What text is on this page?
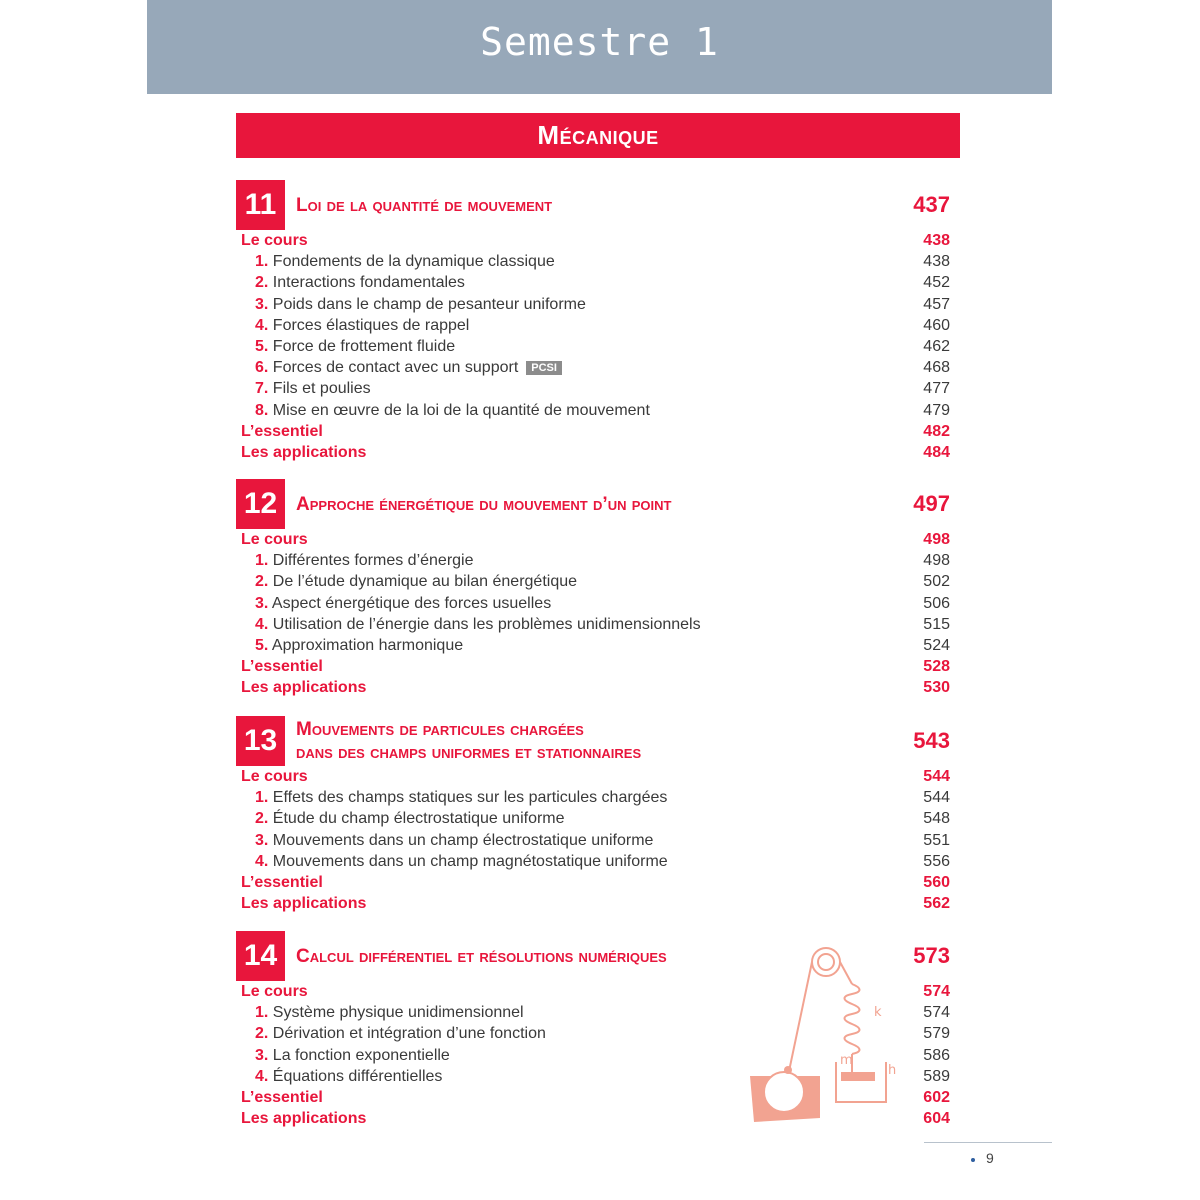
Semestre 1
Mécanique
11	Loi de la quantité de mouvement	437
Le cours	438
1. Fondements de la dynamique classique	438
2. Interactions fondamentales	452
3. Poids dans le champ de pesanteur uniforme	457
4. Forces élastiques de rappel	460
5. Force de frottement fluide	462
6. Forces de contact avec un support PCSI	468
7. Fils et poulies	477
8. Mise en œuvre de la loi de la quantité de mouvement	479
L’essentiel	482
Les applications	484
12 Approche énergétique du mouvement d’un point	497
Le cours	498
1. Différentes formes d’énergie	498
2. De l’étude dynamique au bilan énergétique	502
3. Aspect énergétique des forces usuelles	506
4. Utilisation de l’énergie dans les problèmes unidimensionnels	515
5. Approximation harmonique	524
L’essentiel	528
Les applications	530
13 Mouvements de particules chargées
dans des champs uniformes et stationnaires	543
Le cours	544
1. Effets des champs statiques sur les particules chargées	544
2. Étude du champ électrostatique uniforme	548
3. Mouvements dans un champ électrostatique uniforme	551
4. Mouvements dans un champ magnétostatique uniforme	556
L’essentiel	560
Les applications	562
14 Calcul différentiel et résolutions numériques	573
Le cours	574
1. Système physique unidimensionnel	574
2. Dérivation et intégration d’une fonction	579
3. La fonction exponentielle	586
4. Équations différentielles	589
L’essentiel	602
Les applications	604
k
m
h
9
